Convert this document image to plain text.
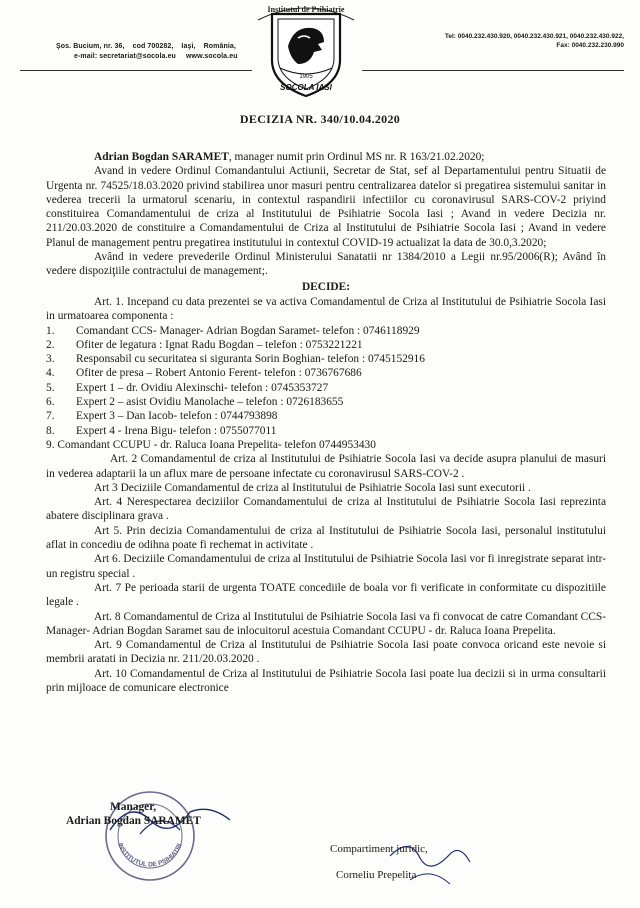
Şos. Bucium, nr. 36, cod 700282, Iaşi, România,
e-mail: secretariat@socola.eu www.socola.eu
Institutul de Psihiatrie
1905
SOCOLA IASI
Tel: 0040.232.430.920, 0040.232.430.921, 0040.232.430.922,
Fax: 0040.232.230.990
DECIZIA NR. 340/10.04.2020

Adrian Bogdan SARAMET, manager numit prin Ordinul MS nr. R 163/21.02.2020;

Avand in vedere Ordinul Comandantului Actiunii, Secretar de Stat, sef al Departamentului pentru Situatii de Urgenta nr. 74525/18.03.2020 privind stabilirea unor masuri pentru centralizarea datelor si pregatirea sistemului sanitar in vederea trecerii la urmatorul scenariu, in contextul raspandirii infectiilor cu coronavirusul SARS-COV-2 priyind constituirea Comandamentului de criza al Institutului de Psihiatrie Socola Iasi ; Avand in vedere Decizia nr. 211/20.03.2020 de constituire a Comandamentului de Criza al Institutului de Psihiatrie Socola Iasi ; Avand in vedere Planul de management pentru pregatirea institutului in contextul COVID-19 actualizat la data de 30.0,3.2020;

Avȃnd in vedere prevederile Ordinul Ministerului Sanatatii nr 1384/2010 a Legii nr.95/2006(R); Avȃnd în vedere dispoziţiile contractului de management;.

DECIDE:

Art. 1. Incepand cu data prezentei se va activa Comandamentul de Criza al Institutului de Psihiatrie Socola Iasi in urmatoarea componenta :

1.	Comandant CCS- Manager- Adrian Bogdan Saramet- telefon : 0746118929
2.	Ofiter de legatura : Ignat Radu Bogdan – telefon : 0753221221
3.	Responsabil cu securitatea si siguranta Sorin Boghian- telefon : 0745152916
4.	Ofiter de presa – Robert Antonio Ferent- telefon : 0736767686
5.	Expert 1 – dr. Ovidiu Alexinschi- telefon : 0745353727
6.	Expert 2 – asist Ovidiu Manolache – telefon : 0726183655
7.	Expert 3 – Dan Iacob- telefon : 0744793898
8.	Expert 4 - Irena Bigu- telefon : 0755077011
9. Comandant CCUPU - dr. Raluca Ioana Prepelita- telefon 0744953430

Art. 2 Comandamentul de criza al Institutului de Psihiatrie Socola Iasi va decide asupra planului de masuri in vederea adaptarii la un aflux mare de persoane infectate cu coronavirusul SARS-COV-2 .

Art 3 Deciziile Comandamentul de criza al Institutului de Psihiatrie Socola Iasi sunt executorii .

Art. 4 Nerespectarea deciziilor Comandamentului de criza al Institutului de Psihiatrie Socola Iasi reprezinta abatere disciplinara grava .

Art 5. Prin decizia Comandamentului de criza al Institutului de Psihiatrie Socola Iasi, personalul institutului aflat in concediu de odihna poate fi rechemat in activitate .

Art 6. Deciziile Comandamentului de criza al Institutului de Psihiatrie Socola Iasi vor fi inregistrate separat intr-un registru special .

Art. 7 Pe perioada starii de urgenta TOATE concediile de boala vor fi verificate in conformitate cu dispozitiile legale .

Art. 8 Comandamentul de Criza al Institutului de Psihiatrie Socola Iasi va fi convocat de catre Comandant CCS- Manager- Adrian Bogdan Saramet sau de inlocuitorul acestuia Comandant CCUPU - dr. Raluca Ioana Prepelita.

Art. 9 Comandamentul de Criza al Institutului de Psihiatrie Socola Iasi poate convoca oricand este nevoie si membrii aratati in Decizia nr. 211/20.03.2020 .

Art. 10 Comandamentul de Criza al Institutului de Psihiatrie Socola Iasi poate lua decizii si in urma consultarii prin mijloace de comunicare electronice

INSTITUTUL DE PSIHIATRI
Manager,
Adrian Bogdan SARAMET
Compartiment juridic,
Corneliu Prepelita
